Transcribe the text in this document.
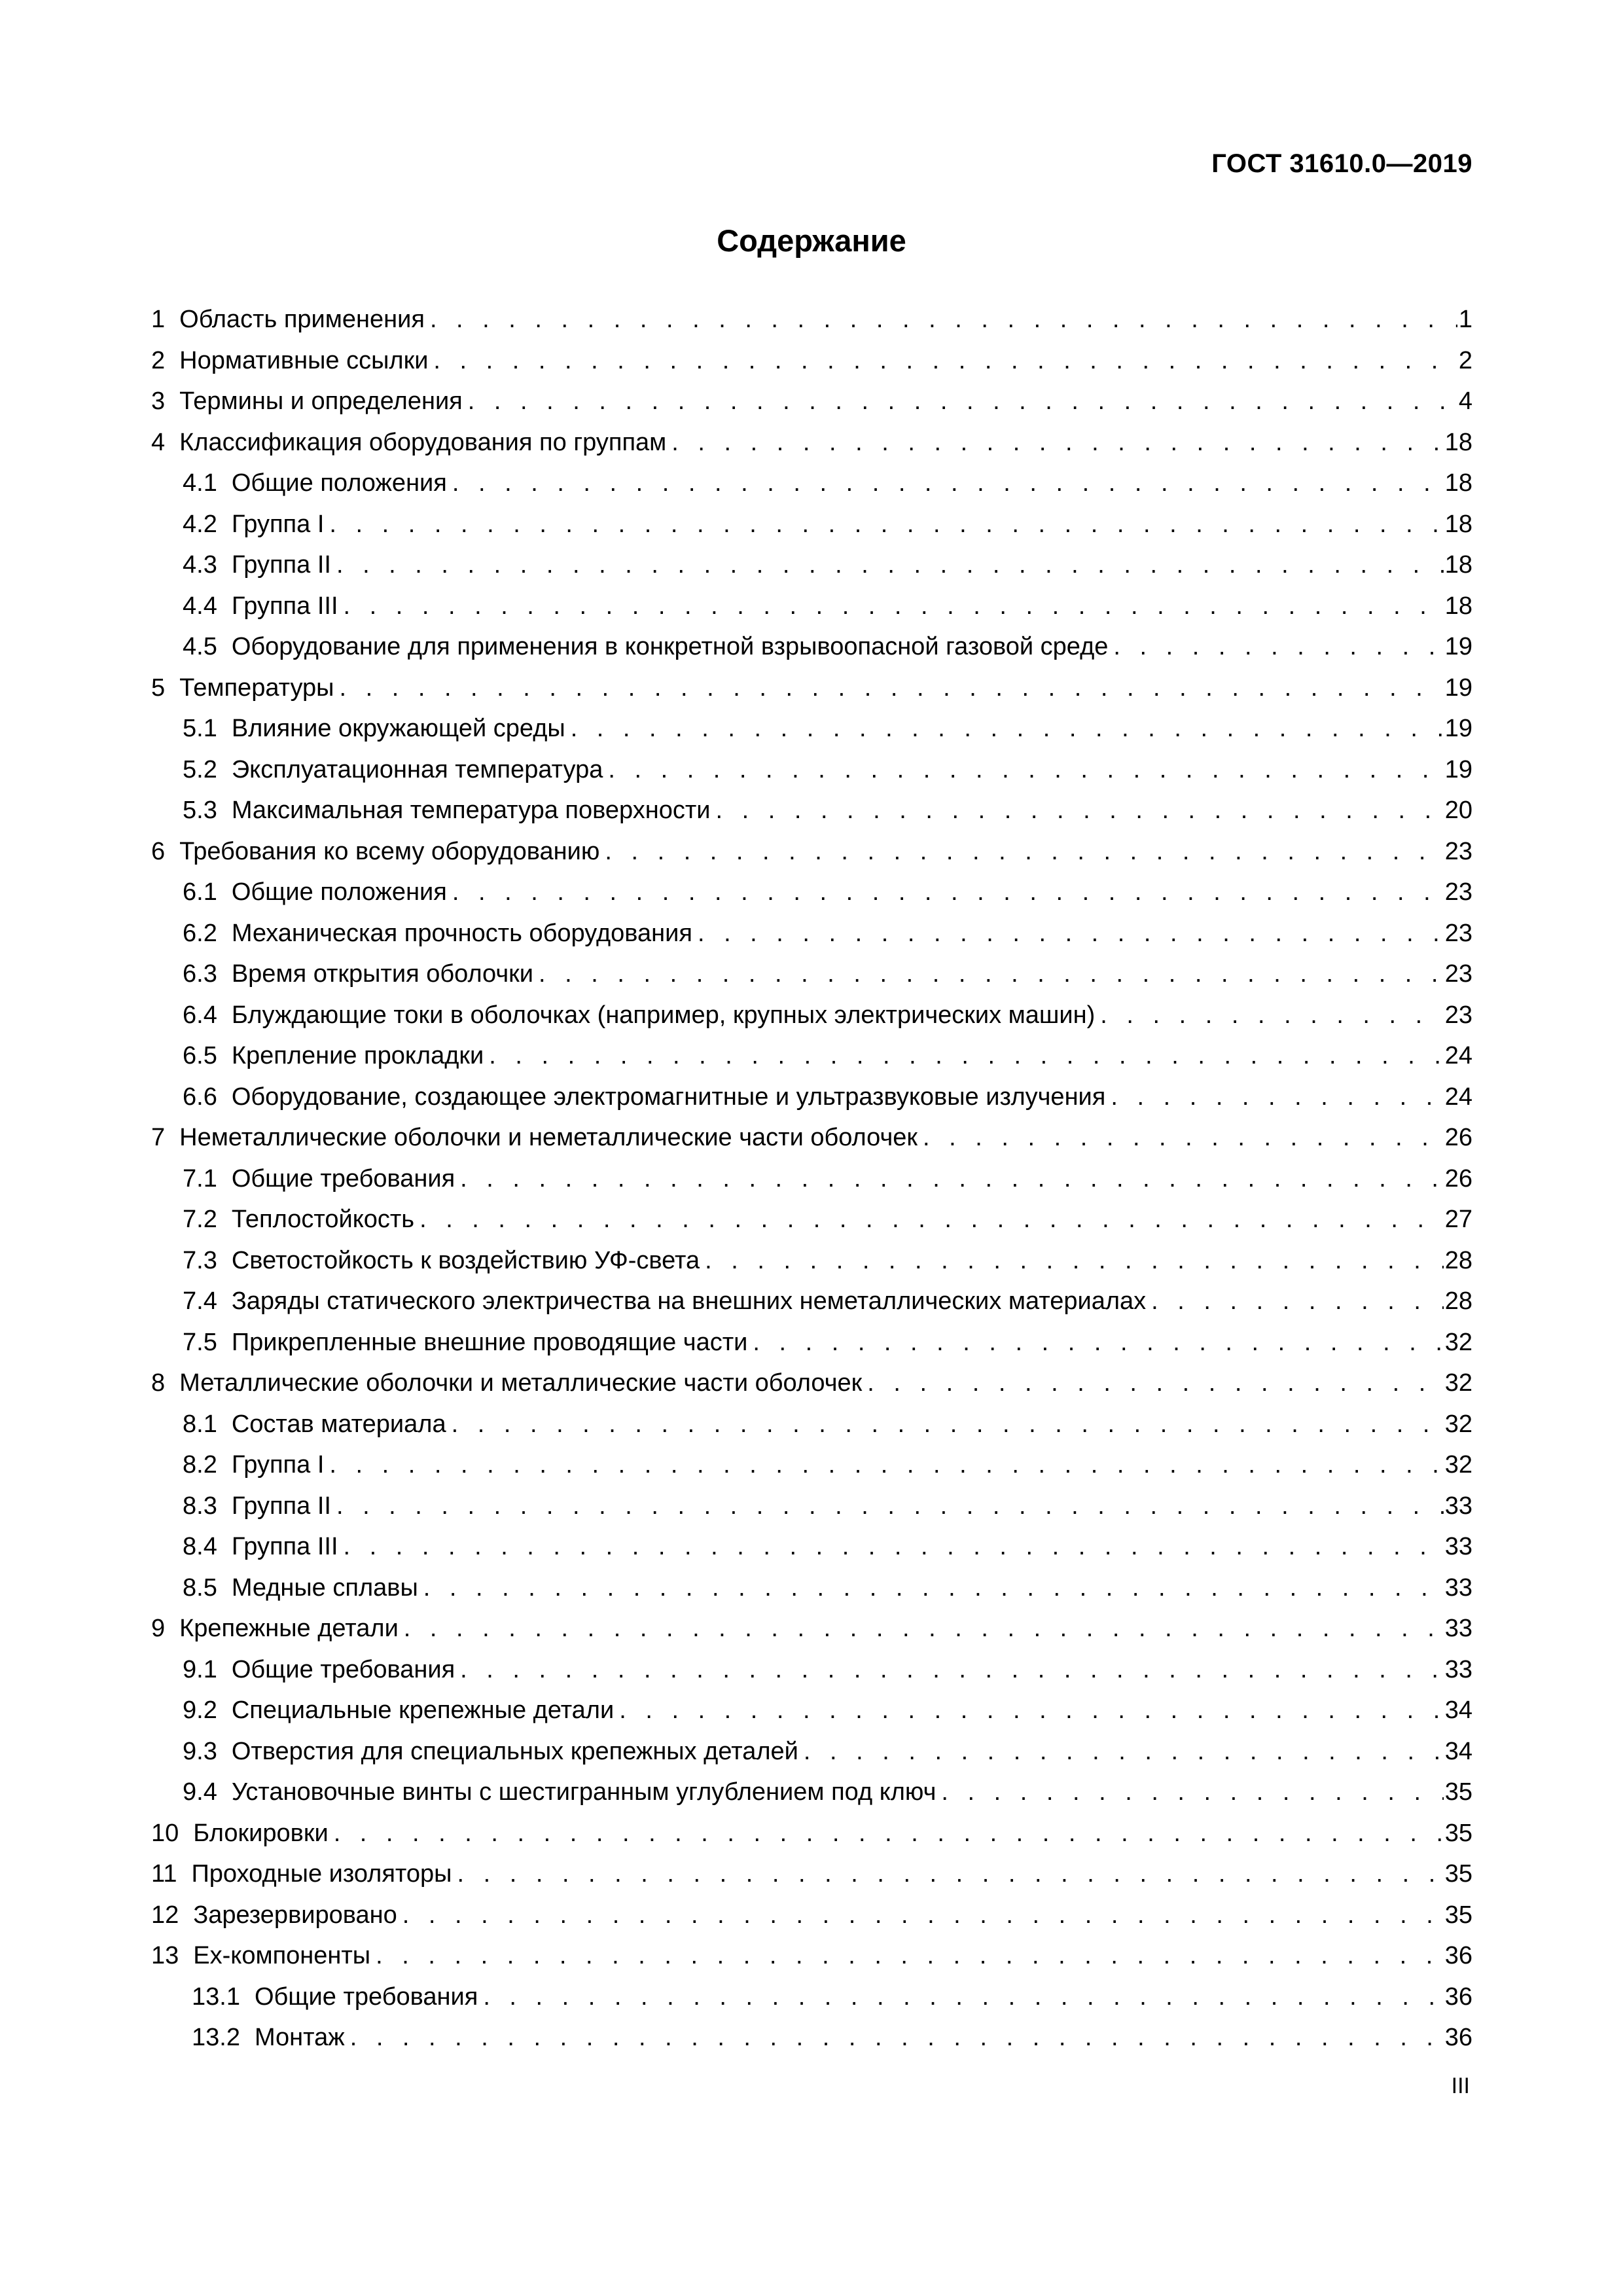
ГОСТ 31610.0—2019
Содержание
1 Область применения . . .	1
2 Нормативные ссылки . . .	2
3 Термины и определения . . .	4
4 Классификация оборудования по группам . . .	18
4.1 Общие положения . . .	18
4.2 Группа I . . .	18
4.3 Группа II . . .	18
4.4 Группа III . . .	18
4.5 Оборудование для применения в конкретной взрывоопасной газовой среде . . .	19
5 Температуры . . .	19
5.1 Влияние окружающей среды . . .	19
5.2 Эксплуатационная температура . . .	19
5.3 Максимальная температура поверхности . . .	20
6 Требования ко всему оборудованию . . .	23
6.1 Общие положения . . .	23
6.2 Механическая прочность оборудования . . .	23
6.3 Время открытия оболочки . . .	23
6.4 Блуждающие токи в оболочках (например, крупных электрических машин) . . .	23
6.5 Крепление прокладки . . .	24
6.6 Оборудование, создающее электромагнитные и ультразвуковые излучения . . .	24
7 Неметаллические оболочки и неметаллические части оболочек . . .	26
7.1 Общие требования . . .	26
7.2 Теплостойкость . . .	27
7.3 Светостойкость к воздействию УФ-света . . .	28
7.4 Заряды статического электричества на внешних неметаллических материалах . . .	28
7.5 Прикрепленные внешние проводящие части . . .	32
8 Металлические оболочки и металлические части оболочек . . .	32
8.1 Состав материала . . .	32
8.2 Группа I . . .	32
8.3 Группа II . . .	33
8.4 Группа III . . .	33
8.5 Медные сплавы . . .	33
9 Крепежные детали . . .	33
9.1 Общие требования . . .	33
9.2 Специальные крепежные детали . . .	34
9.3 Отверстия для специальных крепежных деталей . . .	34
9.4 Установочные винты с шестигранным углублением под ключ . . .	35
10 Блокировки . . .	35
11 Проходные изоляторы . . .	35
12 Зарезервировано . . .	35
13 Ex-компоненты . . .	36
13.1 Общие требования . . .	36
13.2 Монтаж . . .	36
III
